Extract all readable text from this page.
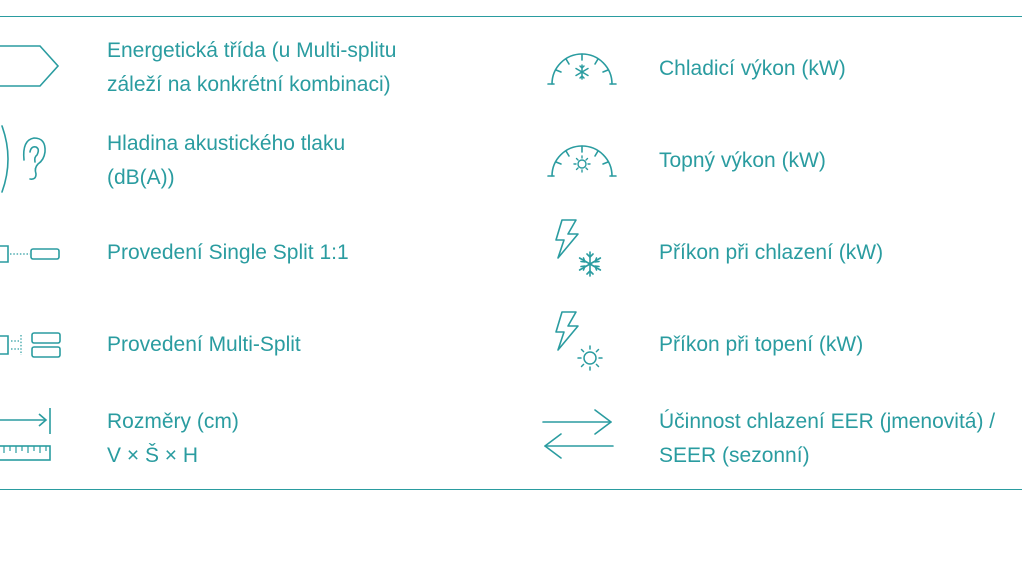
Energetická třída (u Multi-splitu
záleží na konkrétní kombinaci)
Hladina akustického tlaku
(dB(A))
Provedení Single Split 1:1
Provedení Multi-Split
Rozměry (cm)
V × Š × H
Chladicí výkon (kW)
Topný výkon (kW)
Příkon při chlazení (kW)
Příkon při topení (kW)
Účinnost chlazení EER (jmenovitá) /
SEER (sezonní)
